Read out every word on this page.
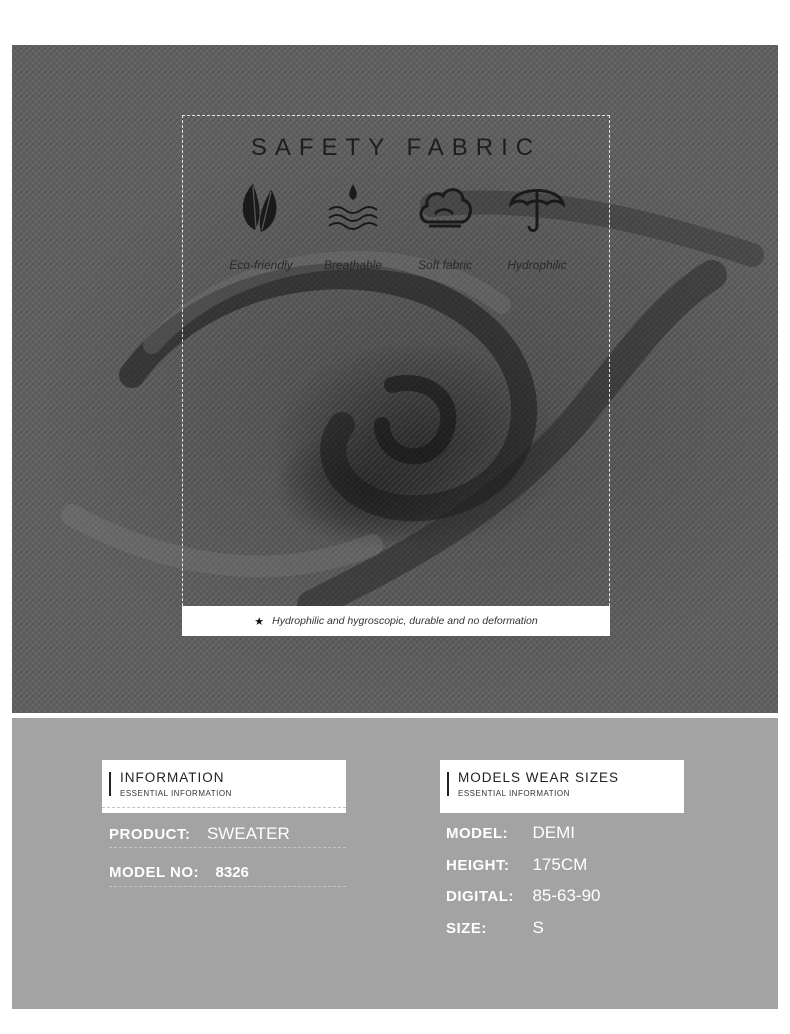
SAFETY FABRIC
Eco-friendly	Breathable	Soft fabric	Hydrophilic
★ Hydrophilic and hygroscopic, durable and no deformation
INFORMATION
ESSENTIAL INFORMATION
PRODUCT: SWEATER
MODEL NO: 8326
MODELS WEAR SIZES
ESSENTIAL INFORMATION
MODEL: DEMI
HEIGHT: 175CM
DIGITAL: 85-63-90
SIZE:	S
